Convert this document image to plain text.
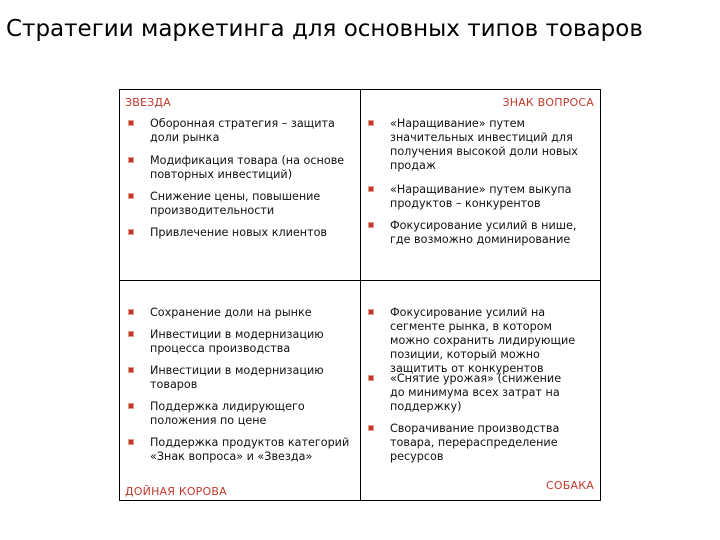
Стратегии маркетинга для основных типов товаров
ЗВЕЗДА	ЗНАК ВОПРОСА
ДОЙНАЯ КОРОВА	СОБАКА
Оборонная стратегия – защита доли рынка
Модификация товара (на основе повторных инвестиций)
Снижение цены, повышение производительности
Привлечение новых клиентов
«Наращивание» путем значительных инвестиций для получения высокой доли новых продаж
«Наращивание» путем выкупа продуктов – конкурентов
Фокусирование усилий в нише, где возможно доминирование
Сохранение доли на рынке
Инвестиции в модернизацию процесса производства
Инвестиции в модернизацию товаров
Поддержка лидирующего положения по цене
Поддержка продуктов категорий «Знак вопроса» и «Звезда»
Фокусирование усилий на сегменте рынка, в котором можно сохранить лидирующие позиции, который можно защитить от конкурентов
«Снятие урожая» (снижение до минимума всех затрат на поддержку)
Сворачивание производства товара, перераспределение ресурсов
